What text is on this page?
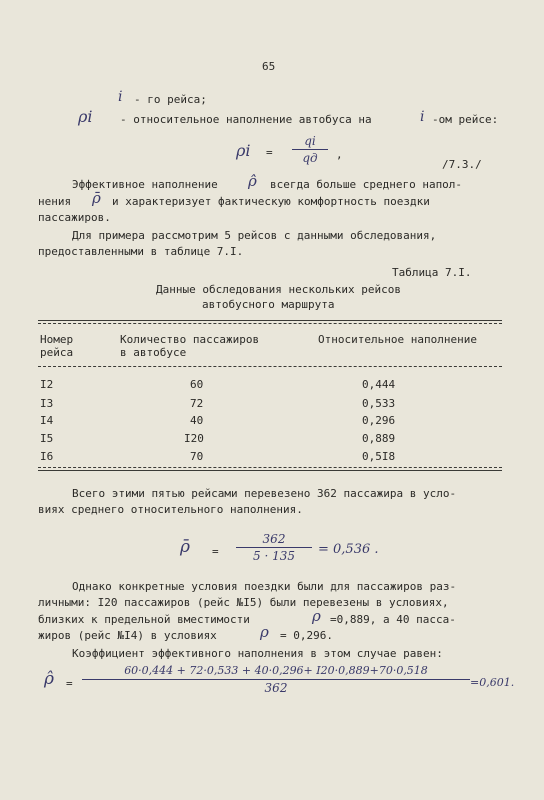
65
i - го рейса;
ρi - относительное наполнение автобуса на	i -ом рейсе:
ρi =
qi
qд	,
/7.3./
Эффективное наполнение ρ̂ всегда больше среднего напол-
нения ρ̄ и характеризует фактическую комфортность поездки
пассажиров.
Для примера рассмотрим 5 рейсов с данными обследования,
предоставленными в таблице 7.I.
Таблица 7.I.
Данные обследования нескольких рейсов
автобусного маршрута
Номер
рейса
Количество пассажиров
в автобусе
Относительное наполнение
I2	60	0,444
I3	72	0,533
I4	40	0,296
I5	I20	0,889
I6	70	0,5I8
Всего этими пятью рейсами перевезено 362 пассажира в усло-
виях среднего относительного наполнения.
ρ̄ =
362
5 · 135	= 0,536 .
Однако конкретные условия поездки были для пассажиров раз-
личными: I20 пассажиров (рейс №I5) были перевезены в условиях,
близких к предельной вместимости	ρ =0,889, а 40 пасса-
жиров (рейс №I4) в условиях	ρ = 0,296.
Коэффициент эффективного наполнения в этом случае равен:
ρ̂ =
60·0,444 + 72·0,533 + 40·0,296+ I20·0,889+70·0,518
362	=0,601.
